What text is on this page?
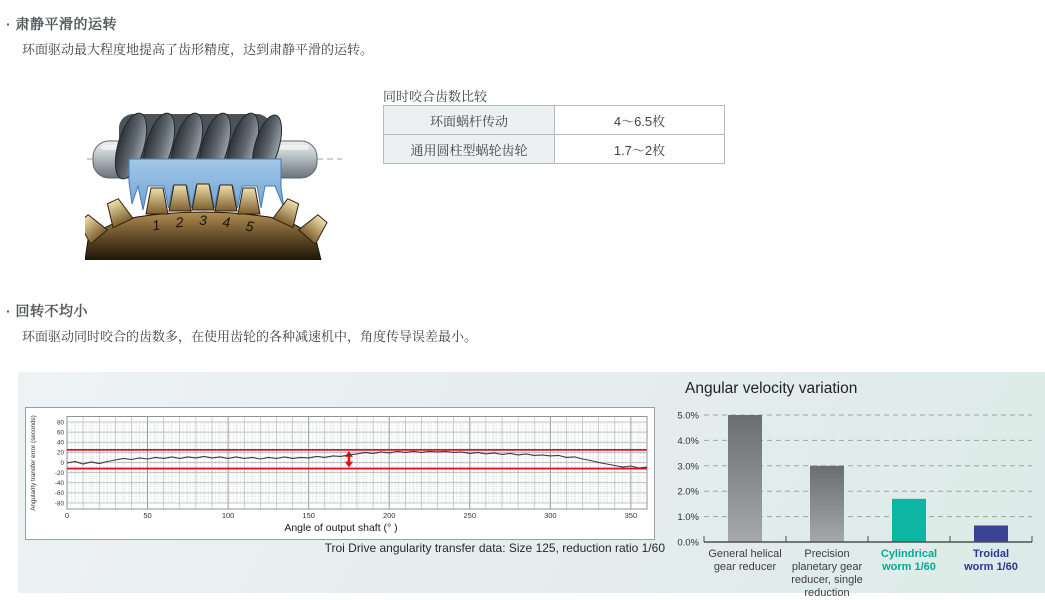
· 肃静平滑的运转
环面驱动最大程度地提高了齿形精度，达到肃静平滑的运转。
1 2 3 4 5
同时咬合齿数比较
环面蜗杆传动	4～6.5枚
通用圆柱型蜗轮齿轮	1.7～2枚
· 回转不均小
环面驱动同时咬合的齿数多，在使用齿轮的各种减速机中，角度传导误差最小。
80
60
40
20
0
-20
-40
-60
-80
Angularity transfer error (seconds)
0	50	100	150	200	250	300	350
Angle of output shaft (° )
Troi Drive angularity transfer data: Size 125, reduction ratio 1/60
Angular velocity variation
0.0%
1.0%
2.0%
3.0%
4.0%
5.0%
General helical
gear reducer
Precision
planetary gear
reducer, single
reduction
Cylindrical
worm 1/60
Troidal
worm 1/60
